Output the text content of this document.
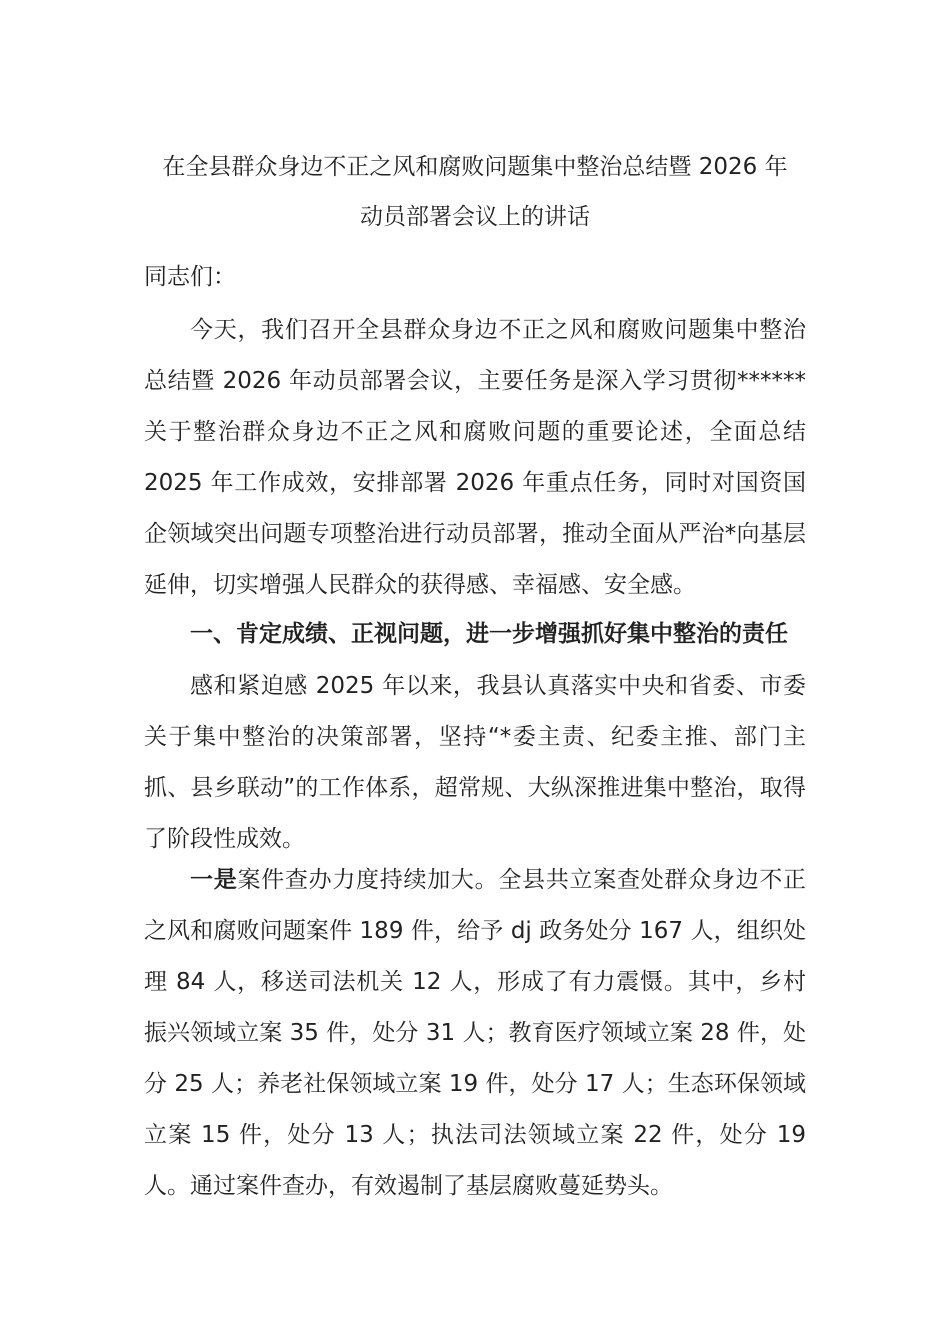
在全县群众身边不正之风和腐败问题集中整治总结暨 2026 年
动员部署会议上的讲话
同志们：

今天，我们召开全县群众身边不正之风和腐败问题集中整治总结暨 2026 年动员部署会议，主要任务是深入学习贯彻******关于整治群众身边不正之风和腐败问题的重要论述，全面总结 2025 年工作成效，安排部署 2026 年重点任务，同时对国资国企领域突出问题专项整治进行动员部署，推动全面从严治*向基层延伸，切实增强人民群众的获得感、幸福感、安全感。

一、肯定成绩、正视问题，进一步增强抓好集中整治的责任

感和紧迫感 2025 年以来，我县认真落实中央和省委、市委关于集中整治的决策部署，坚持“*委主责、纪委主推、部门主抓、县乡联动”的工作体系，超常规、大纵深推进集中整治，取得了阶段性成效。

一是案件查办力度持续加大。全县共立案查处群众身边不正之风和腐败问题案件 189 件，给予 dj 政务处分 167 人，组织处理 84 人，移送司法机关 12 人，形成了有力震慑。其中，乡村振兴领域立案 35 件，处分 31 人；教育医疗领域立案 28 件，处分 25 人；养老社保领域立案 19 件，处分 17 人；生态环保领域立案 15 件，处分 13 人；执法司法领域立案 22 件，处分 19 人。通过案件查办，有效遏制了基层腐败蔓延势头。
